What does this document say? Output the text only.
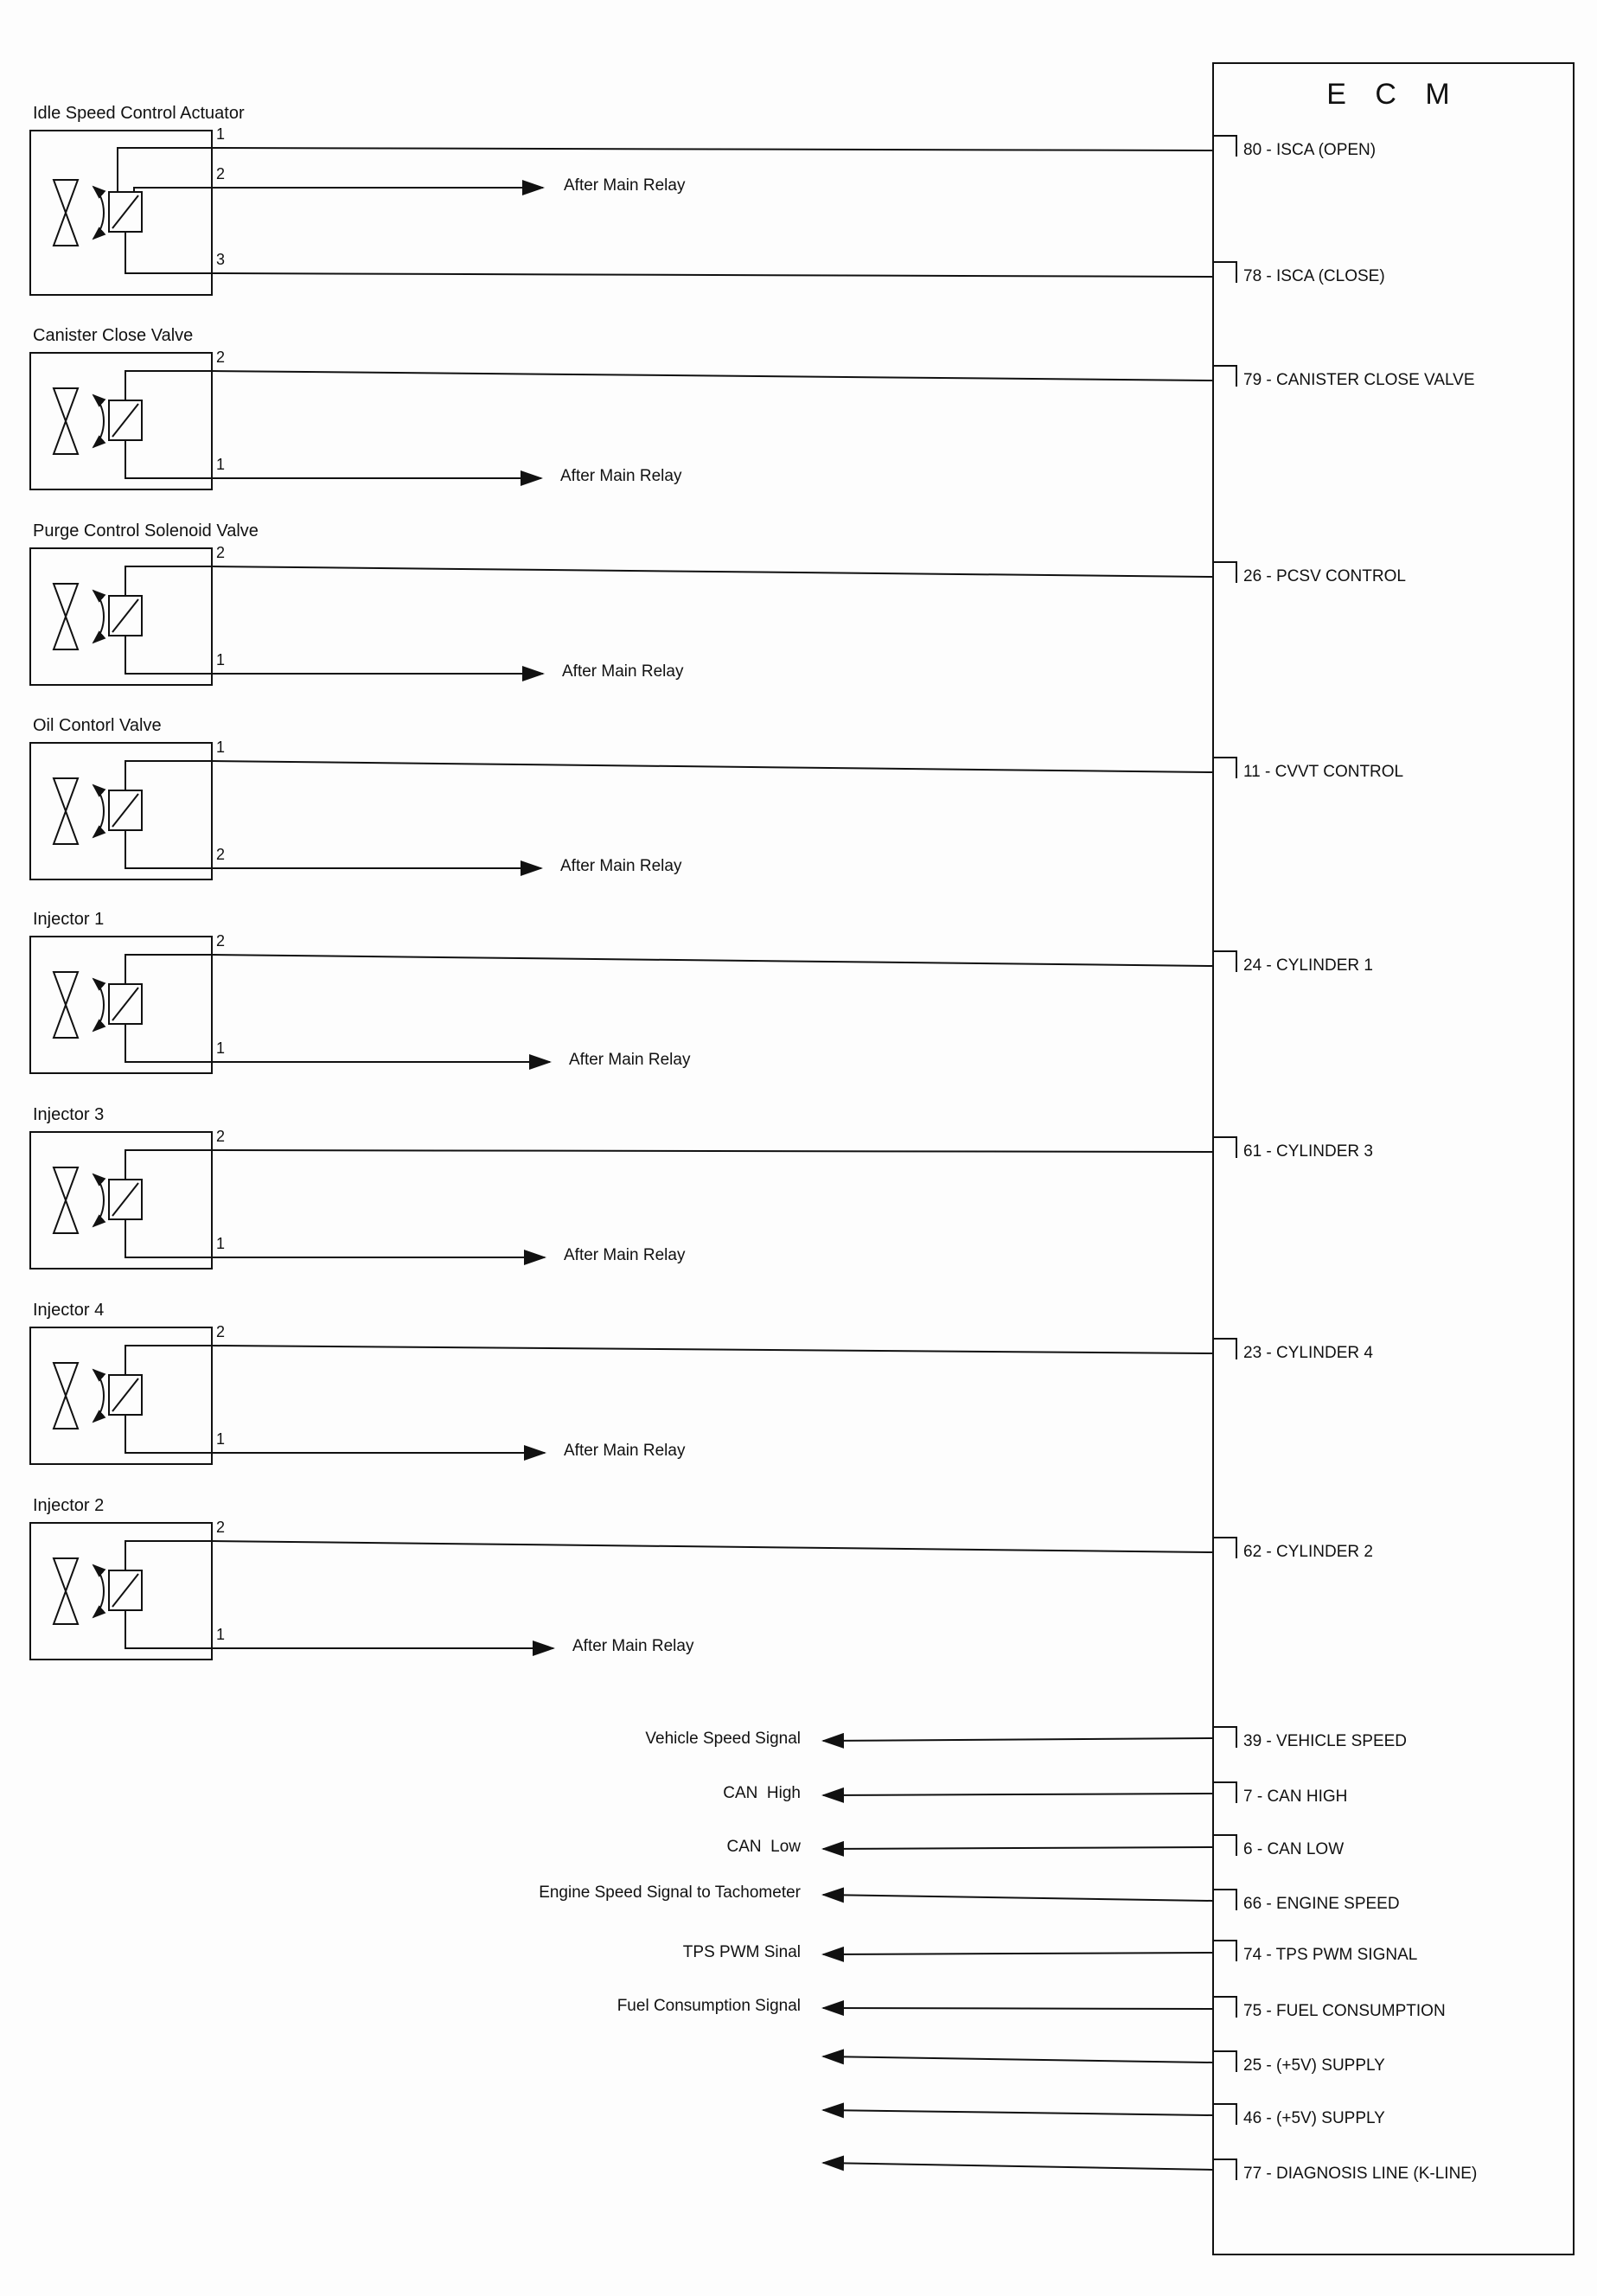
Idle Speed Control Actuator
1
2
3
Canister Close Valve
2
1
Purge Control Solenoid Valve
2
1
Oil Contorl Valve
1
2
Injector 1
2
1
Injector 3
2
1
Injector 4
2
1
Injector 2
2
1
After Main Relay
After Main Relay
After Main Relay
After Main Relay
After Main Relay
After Main Relay
After Main Relay
After Main Relay
Vehicle Speed Signal
CAN  High
CAN  Low
Engine Speed Signal to Tachometer
TPS PWM Sinal
Fuel Consumption Signal
E C M
80 - ISCA (OPEN)
78 - ISCA (CLOSE)
79 - CANISTER CLOSE VALVE
26 - PCSV CONTROL
11 - CVVT CONTROL
24 - CYLINDER 1
61 - CYLINDER 3
23 - CYLINDER 4
62 - CYLINDER 2
39 - VEHICLE SPEED
7 - CAN HIGH
6 - CAN LOW
66 - ENGINE SPEED
74 - TPS PWM SIGNAL
75 - FUEL CONSUMPTION
25 - (+5V) SUPPLY
46 - (+5V) SUPPLY
77 - DIAGNOSIS LINE (K-LINE)
